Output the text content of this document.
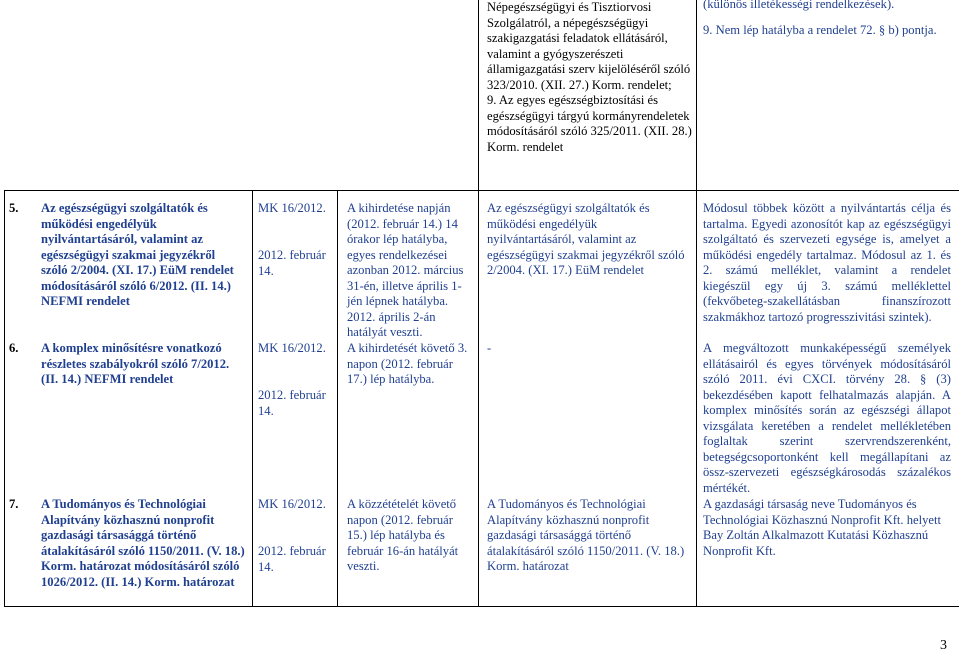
Népegészségügyi és Tisztiorvosi Szolgálatról, a népegészségügyi szakigazgatási feladatok ellátásáról, valamint a gyógyszerészeti államigazgatási szerv kijelöléséről szóló 323/2010. (XII. 27.) Korm. rendelet;
9. Az egyes egészségbiztosítási és egészségügyi tárgyú kormányrendeletek módosításáról szóló 325/2011. (XII. 28.) Korm. rendelet
(különös illetékességi rendelkezések).
9. Nem lép hatályba a rendelet 72. § b) pontja.
5. Az egészségügyi szolgáltatók és működési engedélyük nyilvántartásáról, valamint az egészségügyi szakmai jegyzékről szóló 2/2004. (XI. 17.) EüM rendelet módosításáról szóló 6/2012. (II. 14.) NEFMI rendelet
MK 16/2012.
2012. február 14.
A kihirdetése napján (2012. február 14.) 14 órakor lép hatályba, egyes rendelkezései azonban 2012. március 31-én, illetve április 1-jén lépnek hatályba. 2012. április 2-án hatályát veszti.
Az egészségügyi szolgáltatók és működési engedélyük nyilvántartásáról, valamint az egészségügyi szakmai jegyzékről szóló 2/2004. (XI. 17.) EüM rendelet
Módosul többek között a nyilvántartás célja és tartalma. Egyedi azonosítót kap az egészségügyi szolgáltató és szervezeti egysége is, amelyet a működési engedély tartalmaz. Módosul az 1. és 2. számú melléklet, valamint a rendelet kiegészül egy új 3. számú melléklettel (fekvőbeteg-szakellátásban finanszírozott szakmákhoz tartozó progresszivitási szintek).
6. A komplex minősítésre vonatkozó részletes szabályokról szóló 7/2012. (II. 14.) NEFMI rendelet
MK 16/2012.
2012. február 14.
A kihirdetését követő 3. napon (2012. február 17.) lép hatályba.
-	A megváltozott munkaképességű személyek ellátásairól és egyes törvények módosításáról szóló 2011. évi CXCI. törvény 28. § (3) bekezdésében kapott felhatalmazás alapján. A komplex minősítés során az egészségi állapot vizsgálata keretében a rendelet mellékletében foglaltak szerint szervrendszerenként, betegségcsoportonként kell megállapítani az össz-szervezeti egészségkárosodás százalékos mértékét.
7. A Tudományos és Technológiai Alapítvány közhasznú nonprofit gazdasági társasággá történő átalakításáról szóló 1150/2011. (V. 18.) Korm. határozat módosításáról szóló 1026/2012. (II. 14.) Korm. határozat
MK 16/2012.
2012. február 14.
A közzétételét követő napon (2012. február 15.) lép hatályba és február 16-án hatályát veszti.
A Tudományos és Technológiai Alapítvány közhasznú nonprofit gazdasági társasággá történő átalakításáról szóló 1150/2011. (V. 18.) Korm. határozat
A gazdasági társaság neve Tudományos és Technológiai Közhasznú Nonprofit Kft. helyett Bay Zoltán Alkalmazott Kutatási Közhasznú Nonprofit Kft.
3
